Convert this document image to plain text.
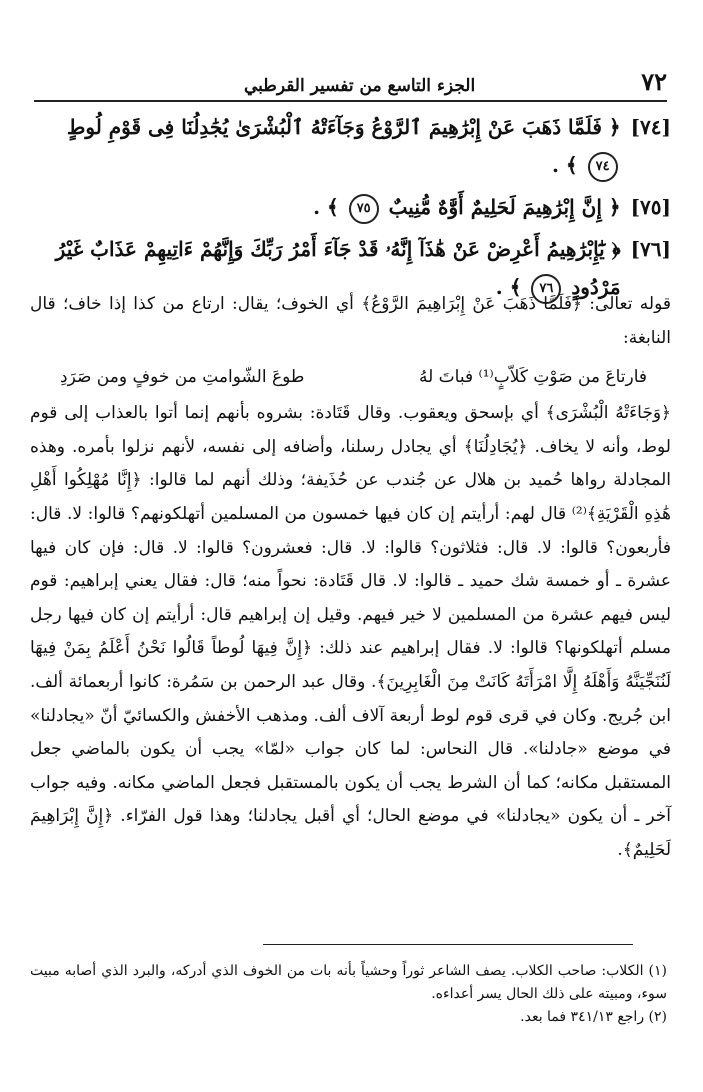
٧٢
الجزء التاسع من تفسير القرطبي
[٧٤]
﴿ فَلَمَّا ذَهَبَ عَنْ إِبْرَٰهِيمَ ٱلرَّوْعُ وَجَآءَتْهُ ٱلْبُشْرَىٰ يُجَٰدِلُنَا فِى قَوْمِ لُوطٍ ٧٤ ﴾ .
[٧٥]
﴿ إِنَّ إِبْرَٰهِيمَ لَحَلِيمٌ أَوَّٰهٌ مُّنِيبٌ ٧٥ ﴾ .
[٧٦]
﴿ يَٰٓإِبْرَٰهِيمُ أَعْرِضْ عَنْ هَٰذَآ إِنَّهُۥ قَدْ جَآءَ أَمْرُ رَبِّكَ وَإِنَّهُمْ ءَاتِيهِمْ عَذَابٌ غَيْرُ مَرْدُودٍ ٧٦ ﴾ .

قوله تعالى: ﴿فَلَمَّا ذَهَبَ عَنْ إِبْرَاهِيمَ الرَّوْعُ﴾ أي الخوف؛ يقال: ارتاع من كذا إذا خاف؛ قال النابغة:

فارتاعَ من صَوْتِ كَلاّبٍ⁽¹⁾ فباتَ لهُ
طوعَ الشّوامتِ من خوفٍ ومن صَرَدِ

﴿وَجَاءَتْهُ الْبُشْرَى﴾ أي بإسحق ويعقوب. وقال قَتَادة: بشروه بأنهم إنما أتوا بالعذاب إلى قوم لوط، وأنه لا يخاف. ﴿يُجَادِلُنَا﴾ أي يجادل رسلنا، وأضافه إلى نفسه، لأنهم نزلوا بأمره. وهذه المجادلة رواها حُميد بن هلال عن جُندب عن حُذَيفة؛ وذلك أنهم لما قالوا: ﴿إِنَّا مُهْلِكُوا أَهْلِ هَٰذِهِ الْقَرْيَةِ﴾⁽²⁾ قال لهم: أرأيتم إن كان فيها خمسون من المسلمين أتهلكونهم؟ قالوا: لا. قال: فأربعون؟ قالوا: لا. قال: فثلاثون؟ قالوا: لا. قال: فعشرون؟ قالوا: لا. قال: فإن كان فيها عشرة ـ أو خمسة شك حميد ـ قالوا: لا. قال قَتَادة: نحواً منه؛ قال: فقال يعني إبراهيم: قوم ليس فيهم عشرة من المسلمين لا خير فيهم. وقيل إن إبراهيم قال: أرأيتم إن كان فيها رجل مسلم أتهلكونها؟ قالوا: لا. فقال إبراهيم عند ذلك: ﴿إِنَّ فِيهَا لُوطاً قَالُوا نَحْنُ أَعْلَمُ بِمَنْ فِيهَا لَنُنَجِّيَنَّهُ وَأَهْلَهُ إِلَّا امْرَأَتَهُ كَانَتْ مِنَ الْغَابِرِينَ﴾. وقال عبد الرحمن بن سَمُرة: كانوا أربعمائة ألف. ابن جُريج. وكان في قرى قوم لوط أربعة آلاف ألف. ومذهب الأخفش والكسائيّ أنّ «يجادلنا» في موضع «جادلنا». قال النحاس: لما كان جواب «لمّا» يجب أن يكون بالماضي جعل المستقبل مكانه؛ كما أن الشرط يجب أن يكون بالمستقبل فجعل الماضي مكانه. وفيه جواب آخر ـ أن يكون «يجادلنا» في موضع الحال؛ أي أقبل يجادلنا؛ وهذا قول الفرّاء. ﴿إِنَّ إِبْرَاهِيمَ لَحَلِيمٌ﴾.

(١) الكلاب: صاحب الكلاب. يصف الشاعر ثوراً وحشياً بأنه بات من الخوف الذي أدركه، والبرد الذي أصابه مبيت سوء، ومبيته على ذلك الحال يسر أعداءه.

(٢) راجع ٣٤١/١٣ فما بعد.
